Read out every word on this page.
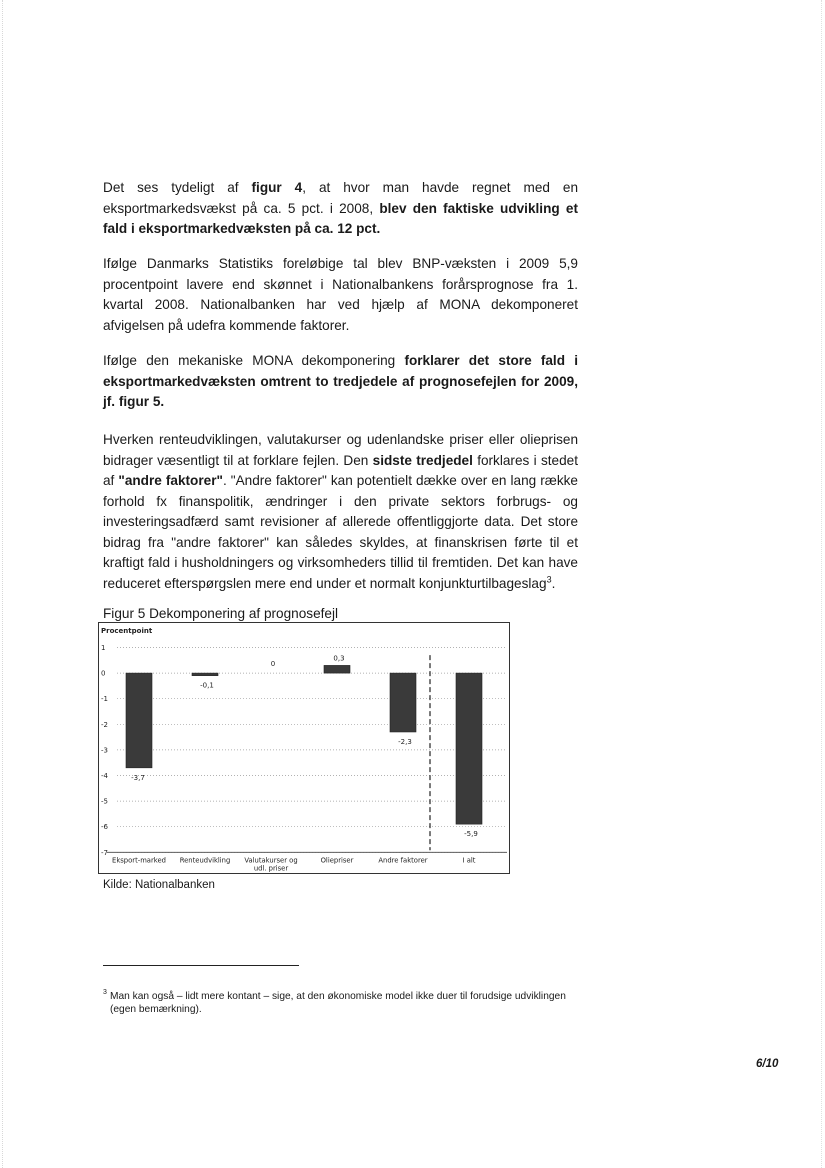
Det ses tydeligt af figur 4, at hvor man havde regnet med en eksportmarkedsvækst på ca. 5 pct. i 2008, blev den faktiske udvikling et fald i eksportmarkedvæksten på ca. 12 pct.

Ifølge Danmarks Statistiks foreløbige tal blev BNP-væksten i 2009 5,9 procentpoint lavere end skønnet i Nationalbankens forårsprognose fra 1. kvartal 2008. Nationalbanken har ved hjælp af MONA dekomponeret afvigelsen på udefra kommende faktorer.

Ifølge den mekaniske MONA dekomponering forklarer det store fald i eksportmarkedvæksten omtrent to tredjedele af prognosefejlen for 2009, jf. figur 5.

Hverken renteudviklingen, valutakurser og udenlandske priser eller olieprisen bidrager væsentligt til at forklare fejlen. Den sidste tredjedel forklares i stedet af "andre faktorer". "Andre faktorer" kan potentielt dække over en lang række forhold fx finanspolitik, ændringer i den private sektors forbrugs- og investeringsadfærd samt revisioner af allerede offentliggjorte data. Det store bidrag fra "andre faktorer" kan således skyldes, at finanskrisen førte til et kraftigt fald i husholdningers og virksomheders tillid til fremtiden. Det kan have reduceret efterspørgslen mere end under et normalt konjunkturtilbageslag$^3$.

Figur 5 Dekomponering af prognosefejl

Procentpoint
1
0
-1
-2
-3
-4
-5
-6
-7
-3,7
Eksport-marked
-0,1
Renteudvikling
0
Valutakurser og
udl. priser
0,3
Oliepriser
-2,3
Andre faktorer
-5,9
I alt

Kilde: Nationalbanken

3 Man kan også – lidt mere kontant – sige, at den økonomiske model ikke duer til forudsige udviklingen (egen bemærkning).

6/10
